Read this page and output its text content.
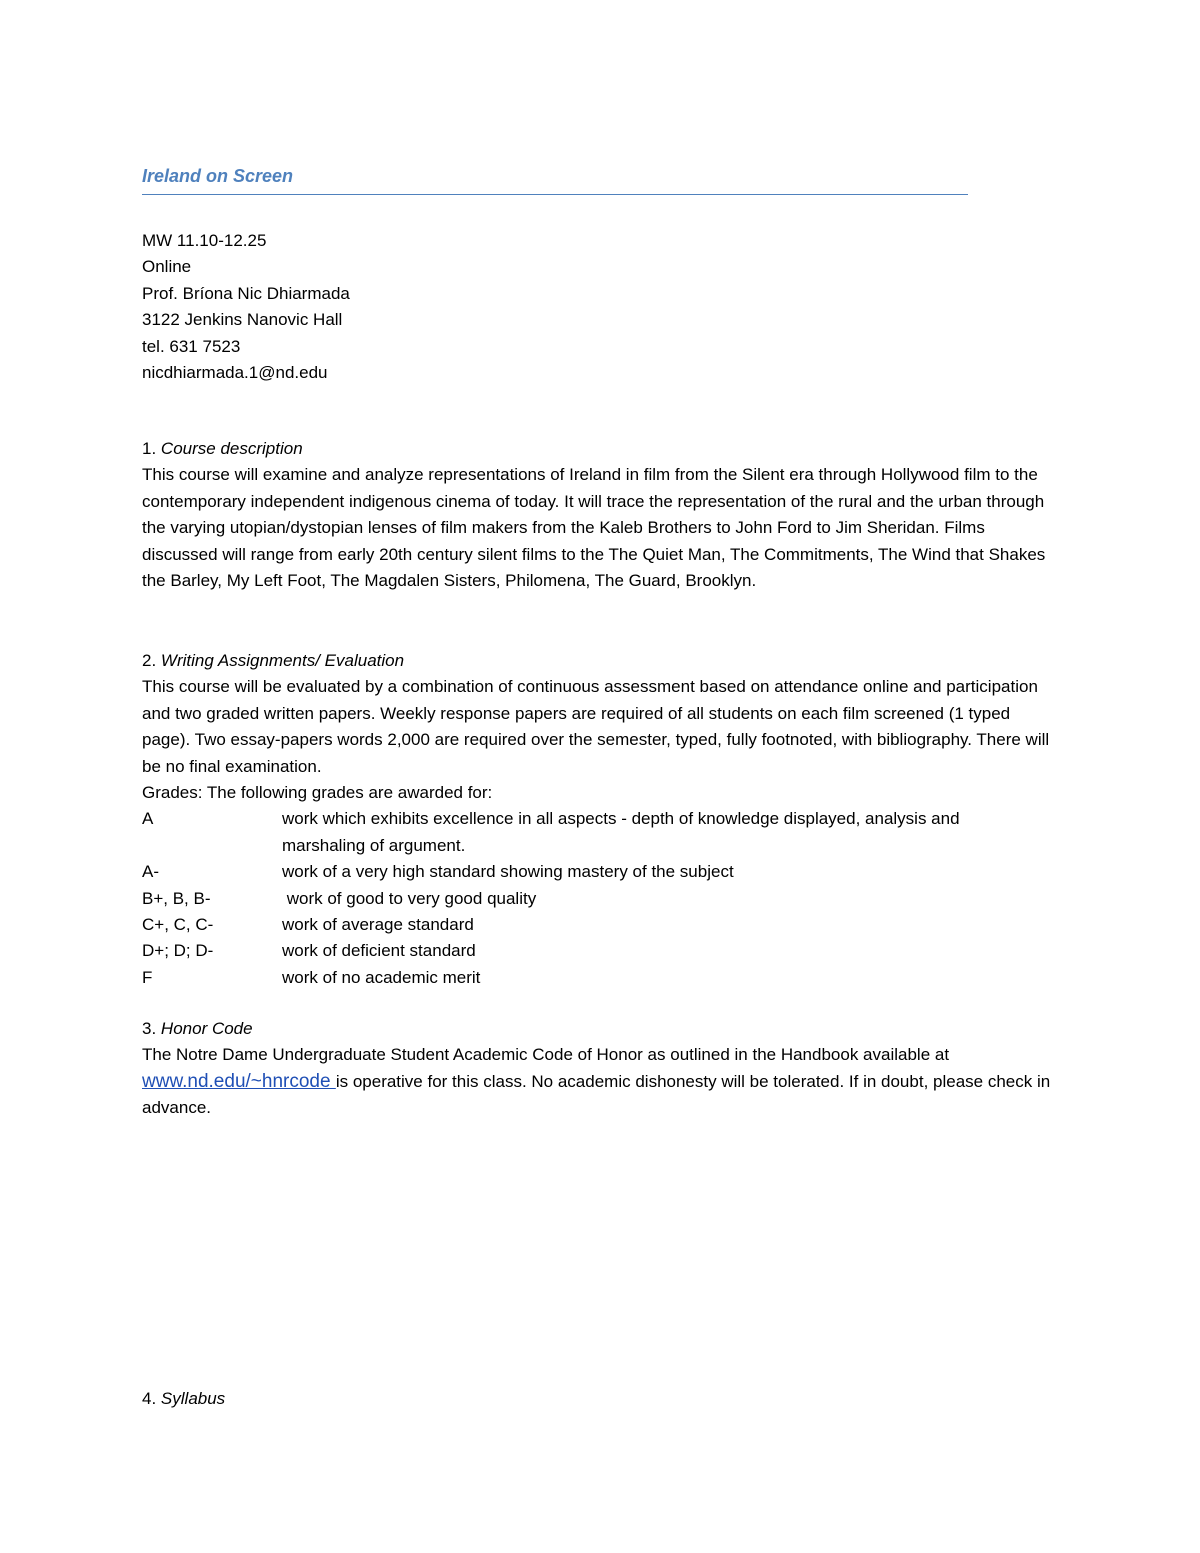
Ireland on Screen

MW 11.10-12.25

Online

Prof. Bríona Nic Dhiarmada

3122 Jenkins Nanovic Hall

tel. 631 7523

nicdhiarmada.1@nd.edu

1. Course description

This course will examine and analyze representations of Ireland in film from the Silent era through Hollywood film to the contemporary independent indigenous cinema of today. It will trace the representation of the rural and the urban through the varying utopian/dystopian lenses of film makers from the Kaleb Brothers to John Ford to Jim Sheridan. Films discussed will range from early 20th century silent films to the The Quiet Man, The Commitments, The Wind that Shakes the Barley, My Left Foot, The Magdalen Sisters, Philomena, The Guard, Brooklyn.

2. Writing Assignments/ Evaluation

This course will be evaluated by a combination of continuous assessment based on attendance online and participation and two graded written papers. Weekly response papers are required of all students on each film screened (1 typed page). Two essay-papers words 2,000 are required over the semester, typed, fully footnoted, with bibliography. There will be no final examination.

Grades: The following grades are awarded for:

A	work which exhibits excellence in all aspects - depth of knowledge displayed, analysis and marshaling of argument.
A-	work of a very high standard showing mastery of the subject
B+, B, B-	work of good to very good quality
C+, C, C-	work of average standard
D+; D; D-	work of deficient standard
F	work of no academic merit

3. Honor Code

The Notre Dame Undergraduate Student Academic Code of Honor as outlined in the Handbook available at www.nd.edu/~hnrcode is operative for this class. No academic dishonesty will be tolerated. If in doubt, please check in advance.

4. Syllabus
